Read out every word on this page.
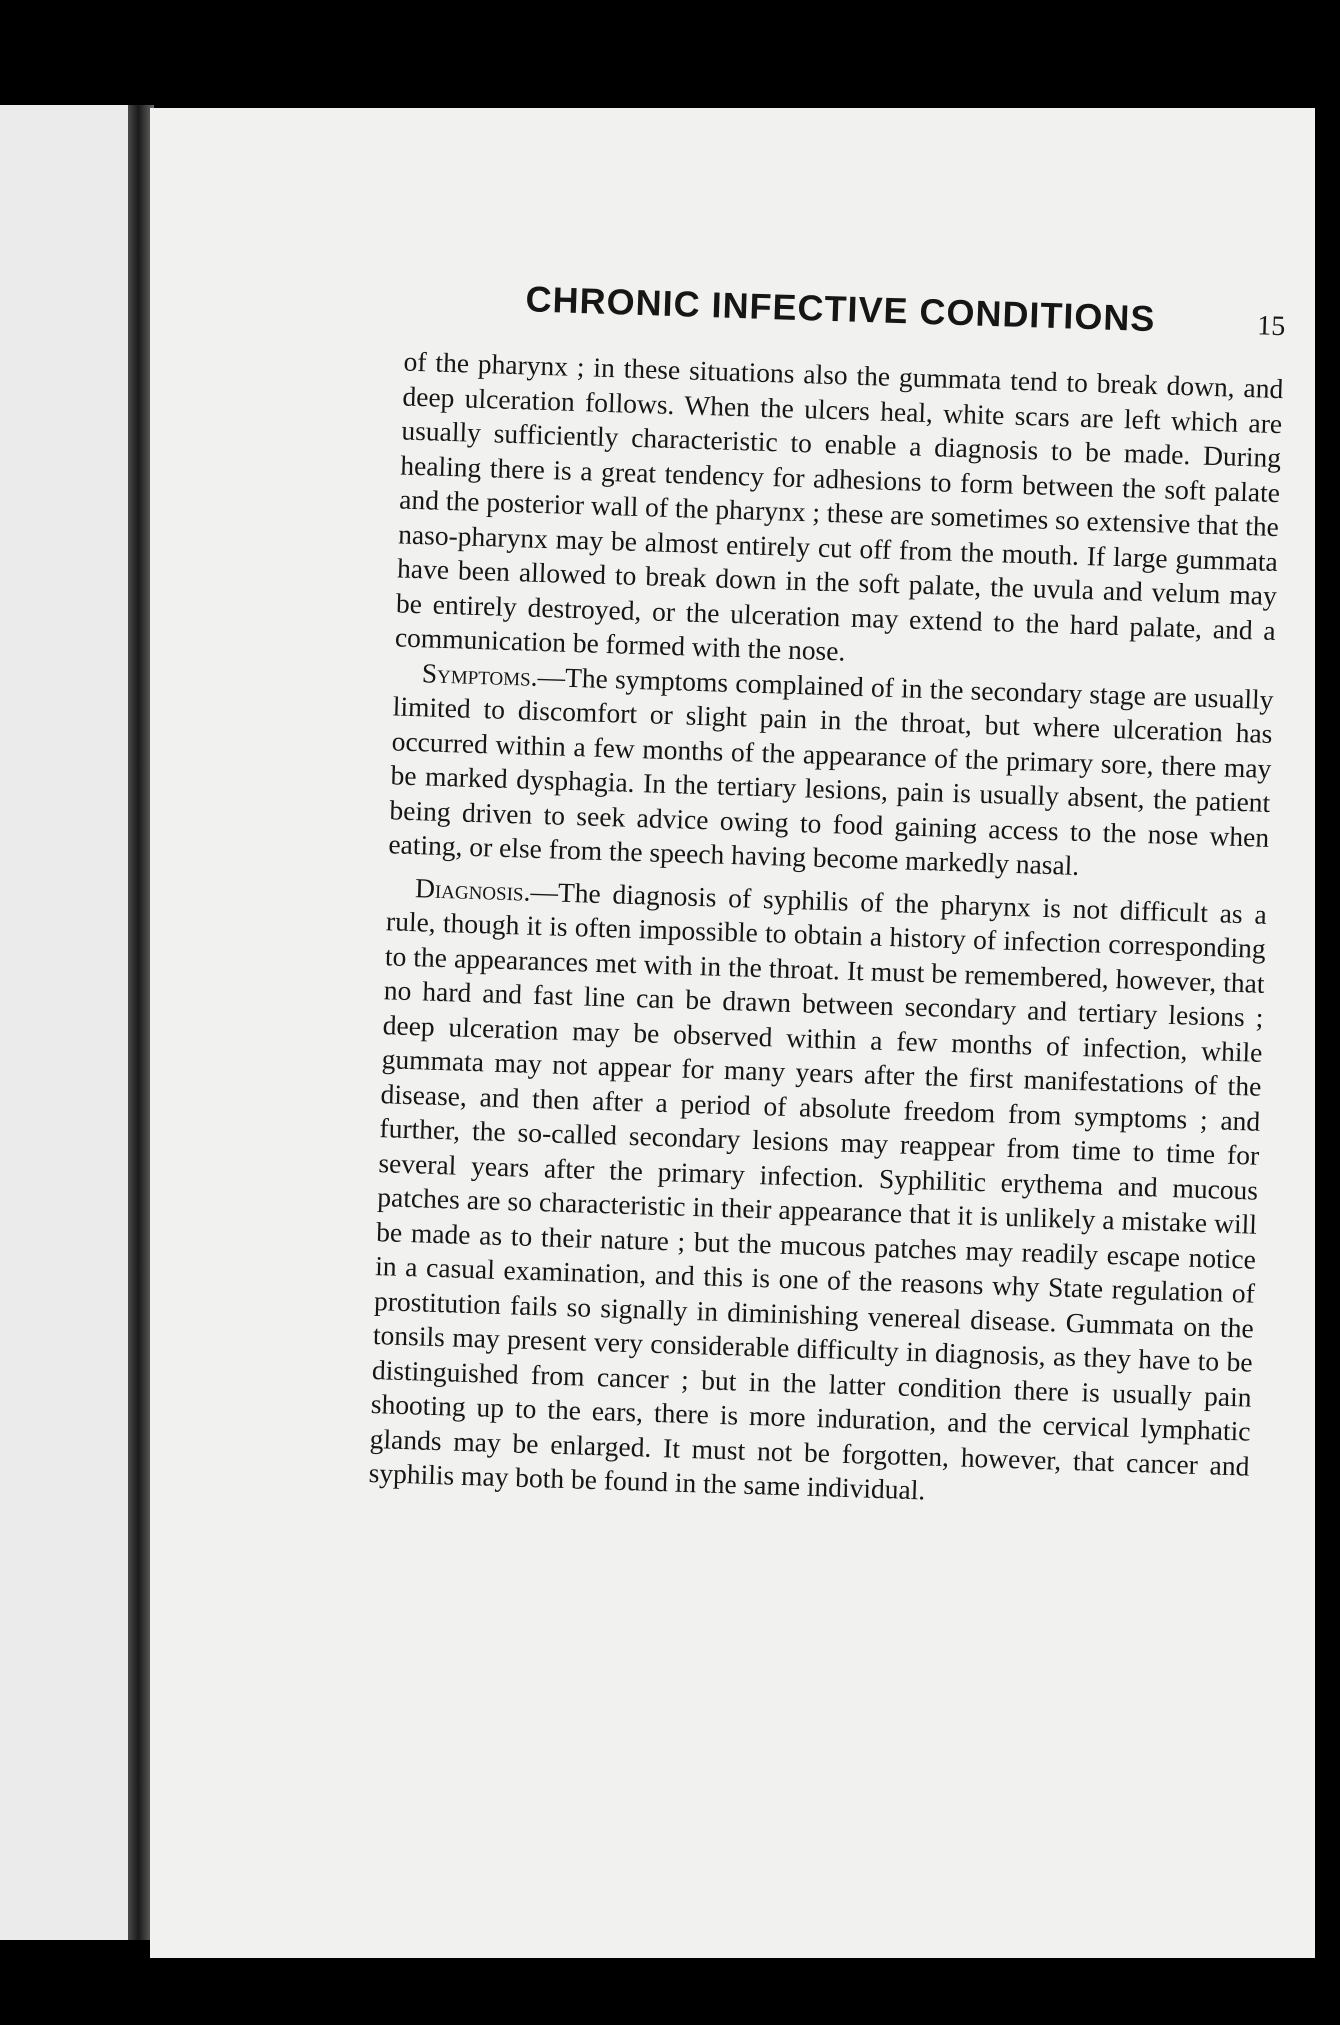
CHRONIC INFECTIVE CONDITIONS	15

of the pharynx ; in these situations also the gummata tend to break down, and deep ulceration follows. When the ulcers heal, white scars are left which are usually sufficiently characteristic to enable a diagnosis to be made. During healing there is a great tendency for adhesions to form between the soft palate and the posterior wall of the pharynx ; these are sometimes so extensive that the naso-pharynx may be almost entirely cut off from the mouth. If large gummata have been allowed to break down in the soft palate, the uvula and velum may be entirely destroyed, or the ulceration may extend to the hard palate, and a communication be formed with the nose.

Symptoms.—The symptoms complained of in the secondary stage are usually limited to discomfort or slight pain in the throat, but where ulceration has occurred within a few months of the appearance of the primary sore, there may be marked dysphagia. In the tertiary lesions, pain is usually absent, the patient being driven to seek advice owing to food gaining access to the nose when eating, or else from the speech having become markedly nasal.

Diagnosis.—The diagnosis of syphilis of the pharynx is not difficult as a rule, though it is often impossible to obtain a history of infection corresponding to the appearances met with in the throat. It must be remembered, however, that no hard and fast line can be drawn between secondary and tertiary lesions ; deep ulceration may be observed within a few months of infection, while gummata may not appear for many years after the first manifestations of the disease, and then after a period of absolute freedom from symptoms ; and further, the so-called secondary lesions may reappear from time to time for several years after the primary infection. Syphilitic erythema and mucous patches are so characteristic in their appearance that it is unlikely a mistake will be made as to their nature ; but the mucous patches may readily escape notice in a casual examination, and this is one of the reasons why State regulation of prostitution fails so signally in diminishing venereal disease. Gummata on the tonsils may present very considerable difficulty in diagnosis, as they have to be distinguished from cancer ; but in the latter condition there is usually pain shooting up to the ears, there is more induration, and the cervical lymphatic glands may be enlarged. It must not be forgotten, however, that cancer and syphilis may both be found in the same individual.
